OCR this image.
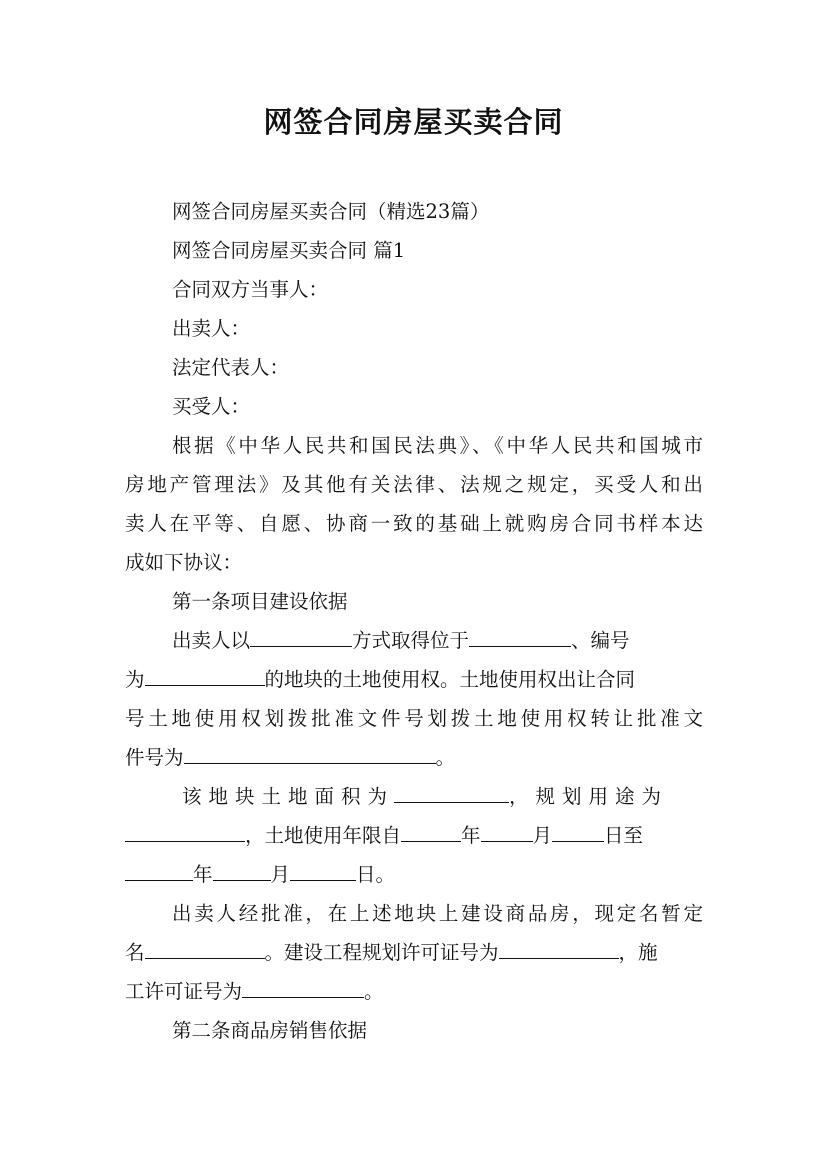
网签合同房屋买卖合同
网签合同房屋买卖合同（精选23篇）
网签合同房屋买卖合同 篇1
合同双方当事人：
出卖人：
法定代表人：
买受人：
根据《中华人民共和国民法典》、《中华人民共和国城市
房地产管理法》及其他有关法律、法规之规定，买受人和出
卖人在平等、自愿、协商一致的基础上就购房合同书样本达
成如下协议：
第一条项目建设依据
出卖人以	方式取得位于	、编号
为	的地块的土地使用权。土地使用权出让合同
号土地使用权划拨批准文件号划拨土地使用权转让批准文
件号为	。
该地块土地面积为	，规划用途为
，土地使用年限自	年	月	日至
年	月	日。
出卖人经批准，在上述地块上建设商品房，现定名暂定
名	。建设工程规划许可证号为	，施
工许可证号为	。
第二条商品房销售依据
